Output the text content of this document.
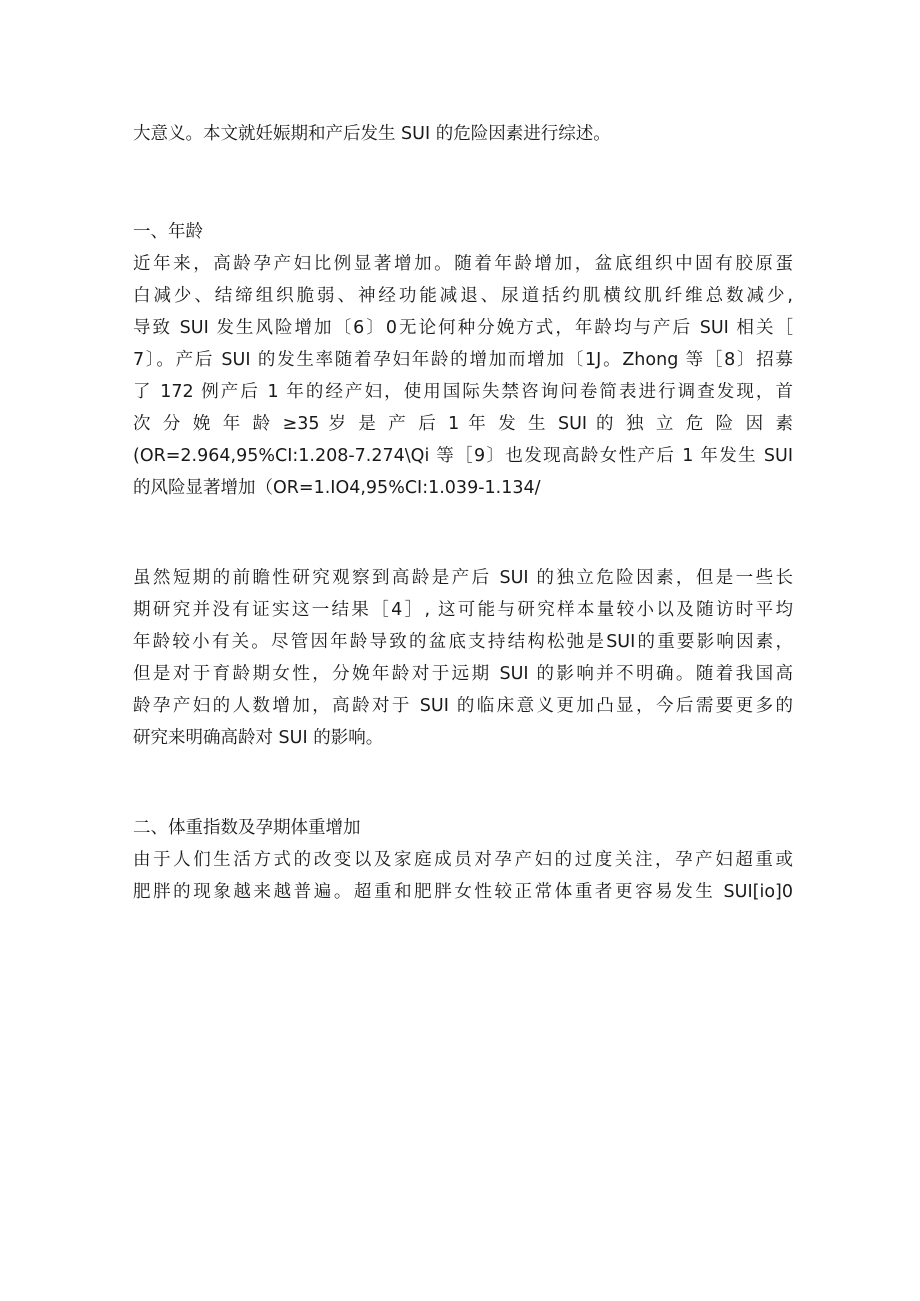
大意义。本文就妊娠期和产后发生 SUI 的危险因素进行综述。

一、年龄

近年来，高龄孕产妇比例显著增加。随着年龄增加，盆底组织中固有胶原蛋
白减少、结缔组织脆弱、神经功能减退、尿道括约肌横纹肌纤维总数减少,
导致 SUI 发生风险增加〔6〕0无论何种分娩方式，年龄均与产后 SUI 相关［
7〕。产后 SUI 的发生率随着孕妇年龄的增加而增加〔1J。Zhong 等［8〕招募
了 172 例产后 1 年的经产妇，使用国际失禁咨询问卷简表进行调查发现，首
次 分 娩 年 龄 ≥35 岁 是 产 后 1 年 发 生 SUI 的 独 立 危 险 因 素
(OR=2.964,95%CI:1.208-7.274\Qi 等［9〕也发现高龄女性产后 1 年发生 SUI
的风险显著增加（OR=1.IO4,95%CI:1.039-1.134/
虽然短期的前瞻性研究观察到高龄是产后 SUI 的独立危险因素，但是一些长
期研究并没有证实这一结果［4］, 这可能与研究样本量较小以及随访时平均
年龄较小有关。尽管因年龄导致的盆底支持结构松弛是SUI的重要影响因素，
但是对于育龄期女性，分娩年龄对于远期 SUI 的影响并不明确。随着我国高
龄孕产妇的人数增加，高龄对于 SUI 的临床意义更加凸显，今后需要更多的
研究来明确高龄对 SUI 的影响。

二、体重指数及孕期体重增加

由于人们生活方式的改变以及家庭成员对孕产妇的过度关注，孕产妇超重或
肥胖的现象越来越普遍。超重和肥胖女性较正常体重者更容易发生 SUI[io]0
